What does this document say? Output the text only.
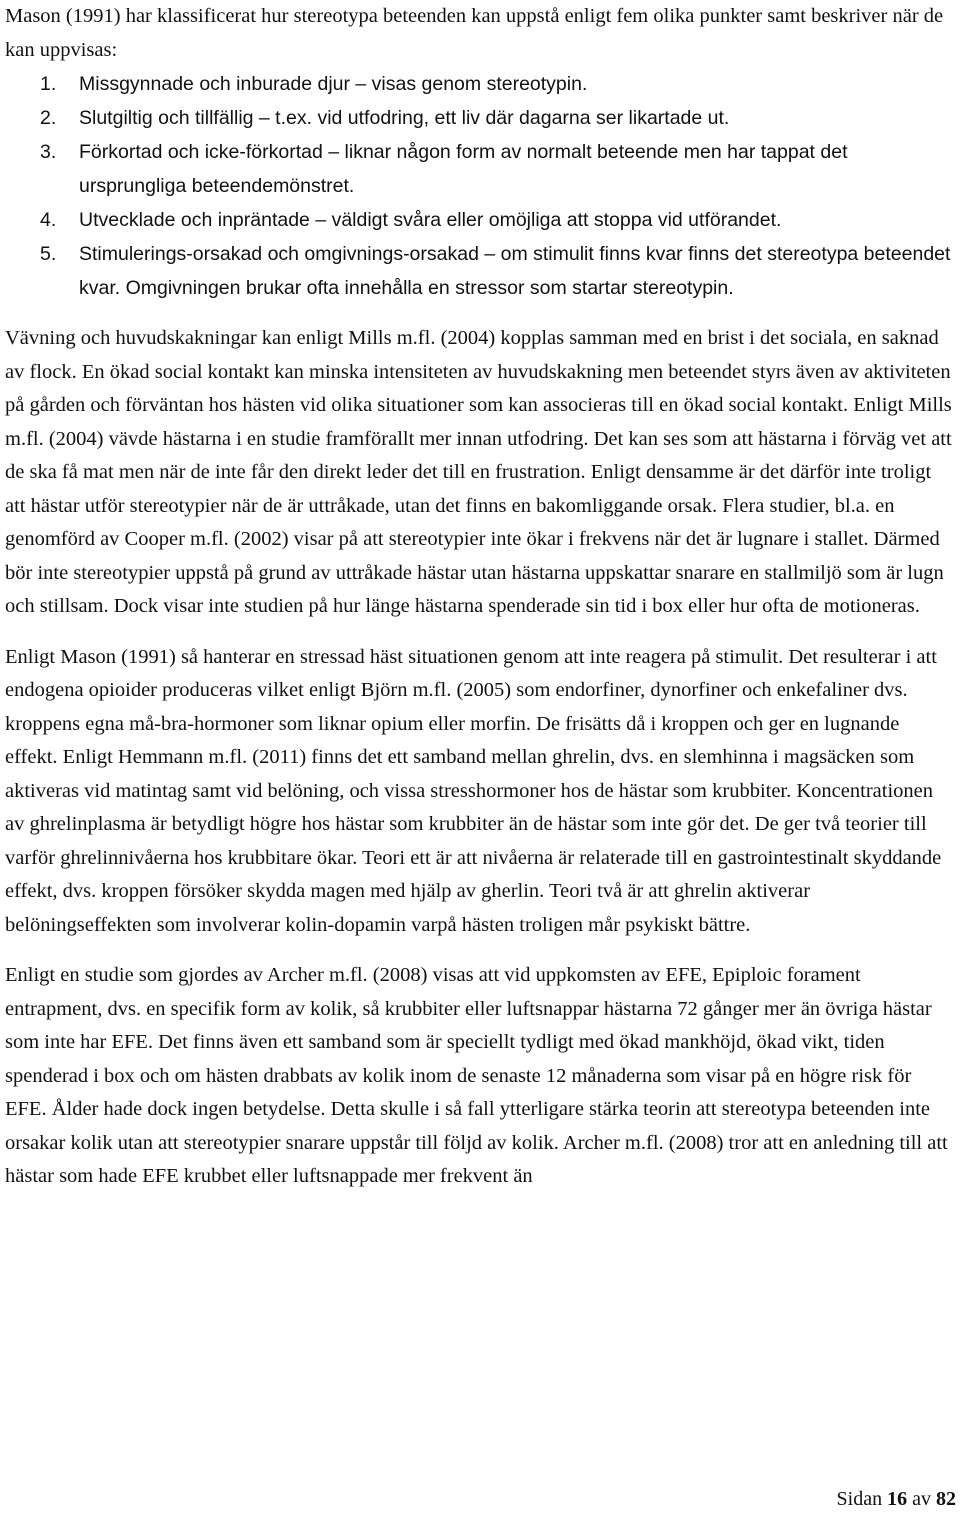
Mason (1991) har klassificerat hur stereotypa beteenden kan uppstå enligt fem olika punkter samt beskriver när de kan uppvisas:

1. Missgynnade och inburade djur – visas genom stereotypin.
2. Slutgiltig och tillfällig – t.ex. vid utfodring, ett liv där dagarna ser likartade ut.
3. Förkortad och icke-förkortad – liknar någon form av normalt beteende men har tappat det ursprungliga beteendemönstret.
4. Utvecklade och inpräntade – väldigt svåra eller omöjliga att stoppa vid utförandet.
5. Stimulerings-orsakad och omgivnings-orsakad – om stimulit finns kvar finns det stereotypa beteendet kvar. Omgivningen brukar ofta innehålla en stressor som startar stereotypin.

Vävning och huvudskakningar kan enligt Mills m.fl. (2004) kopplas samman med en brist i det sociala, en saknad av flock. En ökad social kontakt kan minska intensiteten av huvudskakning men beteendet styrs även av aktiviteten på gården och förväntan hos hästen vid olika situationer som kan associeras till en ökad social kontakt. Enligt Mills m.fl. (2004) vävde hästarna i en studie framförallt mer innan utfodring. Det kan ses som att hästarna i förväg vet att de ska få mat men när de inte får den direkt leder det till en frustration. Enligt densamme är det därför inte troligt att hästar utför stereotypier när de är uttråkade, utan det finns en bakomliggande orsak. Flera studier, bl.a. en genomförd av Cooper m.fl. (2002) visar på att stereotypier inte ökar i frekvens när det är lugnare i stallet. Därmed bör inte stereotypier uppstå på grund av uttråkade hästar utan hästarna uppskattar snarare en stallmiljö som är lugn och stillsam. Dock visar inte studien på hur länge hästarna spenderade sin tid i box eller hur ofta de motioneras.

Enligt Mason (1991) så hanterar en stressad häst situationen genom att inte reagera på stimulit. Det resulterar i att endogena opioider produceras vilket enligt Björn m.fl. (2005) som endorfiner, dynorfiner och enkefaliner dvs. kroppens egna må-bra-hormoner som liknar opium eller morfin. De frisätts då i kroppen och ger en lugnande effekt. Enligt Hemmann m.fl. (2011) finns det ett samband mellan ghrelin, dvs. en slemhinna i magsäcken som aktiveras vid matintag samt vid belöning, och vissa stresshormoner hos de hästar som krubbiter. Koncentrationen av ghrelinplasma är betydligt högre hos hästar som krubbiter än de hästar som inte gör det. De ger två teorier till varför ghrelinnivåerna hos krubbitare ökar. Teori ett är att nivåerna är relaterade till en gastrointestinalt skyddande effekt, dvs. kroppen försöker skydda magen med hjälp av gherlin. Teori två är att ghrelin aktiverar belöningseffekten som involverar kolin-dopamin varpå hästen troligen mår psykiskt bättre.

Enligt en studie som gjordes av Archer m.fl. (2008) visas att vid uppkomsten av EFE, Epiploic forament entrapment, dvs. en specifik form av kolik, så krubbiter eller luftsnappar hästarna 72 gånger mer än övriga hästar som inte har EFE. Det finns även ett samband som är speciellt tydligt med ökad mankhöjd, ökad vikt, tiden spenderad i box och om hästen drabbats av kolik inom de senaste 12 månaderna som visar på en högre risk för EFE. Ålder hade dock ingen betydelse. Detta skulle i så fall ytterligare stärka teorin att stereotypa beteenden inte orsakar kolik utan att stereotypier snarare uppstår till följd av kolik. Archer m.fl. (2008) tror att en anledning till att hästar som hade EFE krubbet eller luftsnappade mer frekvent än

Sidan 16 av 82
